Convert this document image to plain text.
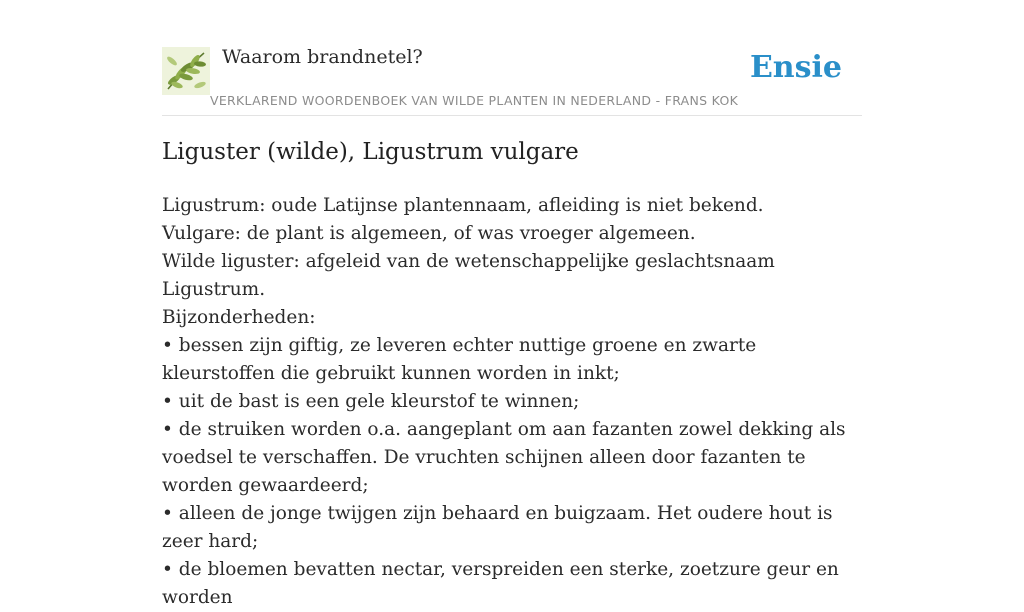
Waarom brandnetel?
VERKLAREND WOORDENBOEK VAN WILDE PLANTEN IN NEDERLAND - FRANS KOK
Ensie
Liguster (wilde), Ligustrum vulgare

Ligustrum: oude Latijnse plantennaam, afleiding is niet bekend.

Vulgare: de plant is algemeen, of was vroeger algemeen.

Wilde liguster: afgeleid van de wetenschappelijke geslachtsnaam Ligustrum.

Bijzonderheden:

• bessen zijn giftig, ze leveren echter nuttige groene en zwarte kleurstoffen die gebruikt kunnen worden in inkt;

• uit de bast is een gele kleurstof te winnen;

• de struiken worden o.a. aangeplant om aan fazanten zowel dekking als voedsel te verschaffen. De vruchten schijnen alleen door fazanten te worden gewaardeerd;

• alleen de jonge twijgen zijn behaard en buigzaam. Het oudere hout is zeer hard;

• de bloemen bevatten nectar, verspreiden een sterke, zoetzure geur en worden
